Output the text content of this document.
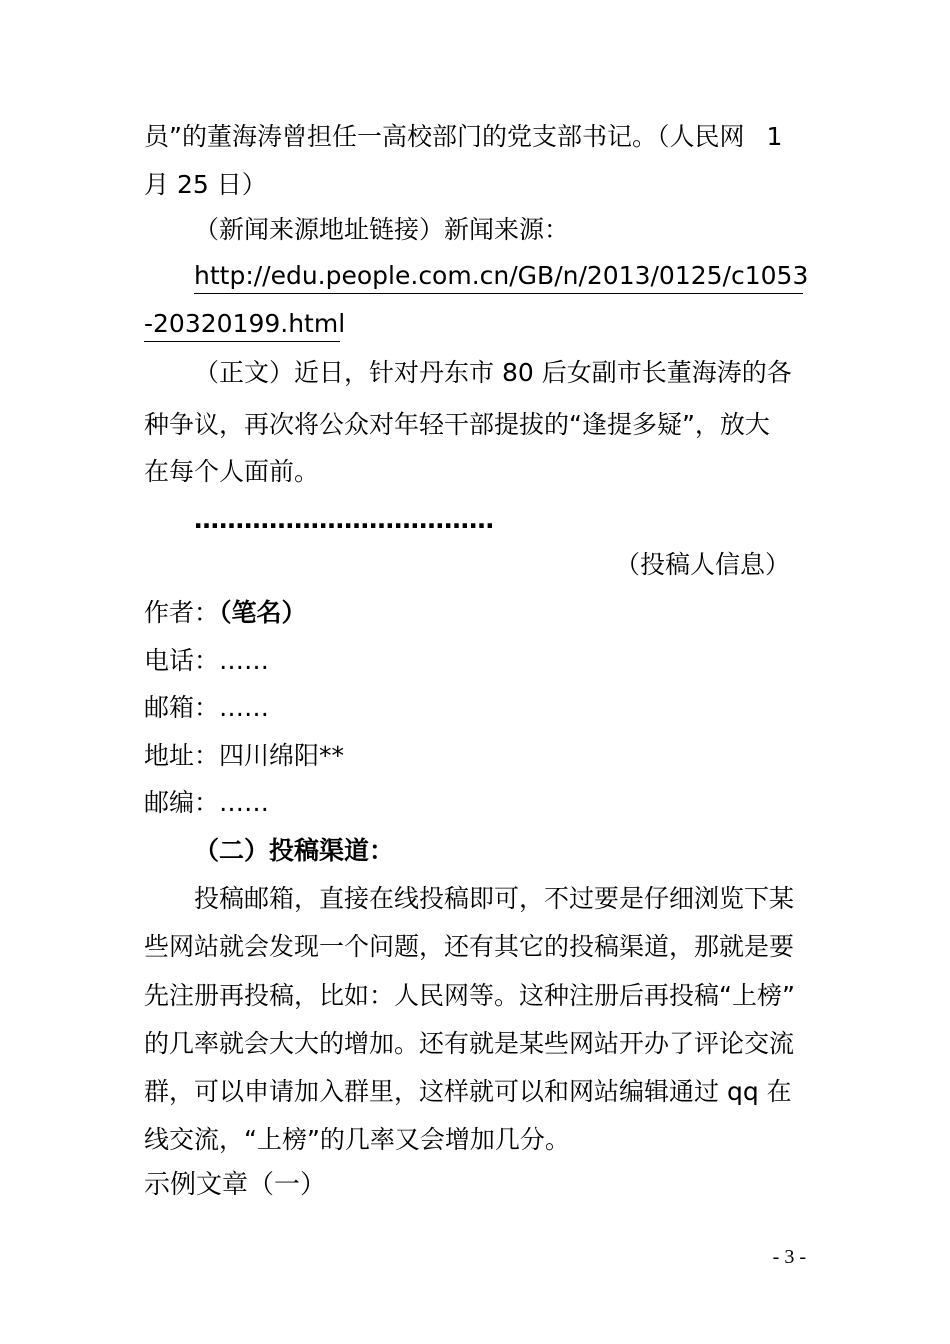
员”的董海涛曾担任一高校部门的党支部书记。（人民网 1
月 25 日）
（新闻来源地址链接）新闻来源：
http://edu.people.com.cn/GB/n/2013/0125/c1053
-20320199.html
（正文）近日，针对丹东市 80 后女副市长董海涛的各
种争议，再次将公众对年轻干部提拔的“逢提多疑”，放大
在每个人面前。
………………………………
（投稿人信息）
作者：（笔名）
电话：……
邮箱：……
地址：四川绵阳**
邮编：……
（二）投稿渠道：
投稿邮箱，直接在线投稿即可，不过要是仔细浏览下某
些网站就会发现一个问题，还有其它的投稿渠道，那就是要
先注册再投稿，比如：人民网等。这种注册后再投稿“上榜”
的几率就会大大的增加。还有就是某些网站开办了评论交流
群，可以申请加入群里，这样就可以和网站编辑通过 qq 在
线交流，“上榜”的几率又会增加几分。
示例文章（一）
- 3 -
